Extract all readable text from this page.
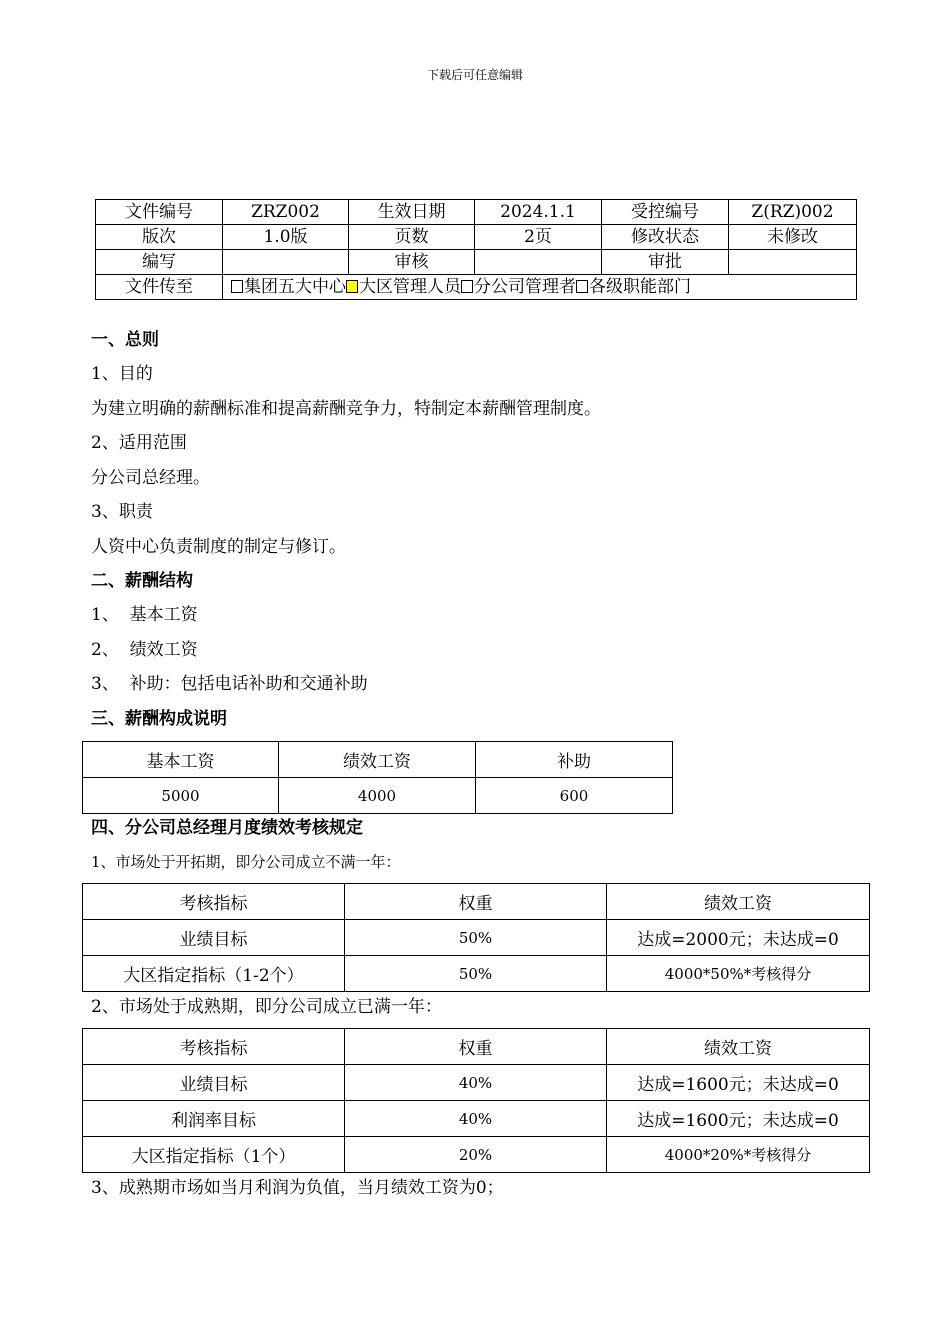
下载后可任意编辑
文件编号	ZRZ002	生效日期	2024.1.1	受控编号	Z(RZ)002
版次	1.0版	页数	2页	修改状态	未修改
编写		审核		审批	
文件传至	集团五大中心 大区管理人员 分公司管理者 各级职能部门				
一、总则
1、目的
为建立明确的薪酬标准和提高薪酬竞争力，特制定本薪酬管理制度。
2、适用范围
分公司总经理。
3、职责
人资中心负责制度的制定与修订。
二、薪酬结构
1、  基本工资
2、  绩效工资
3、  补助：包括电话补助和交通补助
三、薪酬构成说明
基本工资	绩效工资	补助
5000	4000	600
四、分公司总经理月度绩效考核规定
1、市场处于开拓期，即分公司成立不满一年：
考核指标	权重	绩效工资
业绩目标	50%	达成=2000元；未达成=0
大区指定指标（1-2个）	50%	4000*50%*考核得分
2、市场处于成熟期，即分公司成立已满一年：
考核指标	权重	绩效工资
业绩目标	40%	达成=1600元；未达成=0
利润率目标	40%	达成=1600元；未达成=0
大区指定指标（1个）	20%	4000*20%*考核得分
3、成熟期市场如当月利润为负值，当月绩效工资为0；
